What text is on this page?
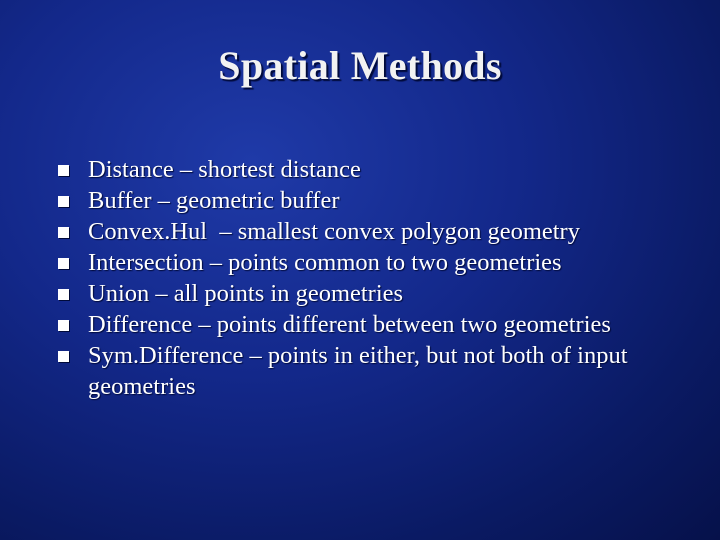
Spatial Methods
Distance – shortest distance
Buffer – geometric buffer
Convex.Hul  – smallest convex polygon geometry
Intersection – points common to two geometries
Union – all points in geometries
Difference – points different between two geometries
Sym.Difference – points in either, but not both of input geometries
